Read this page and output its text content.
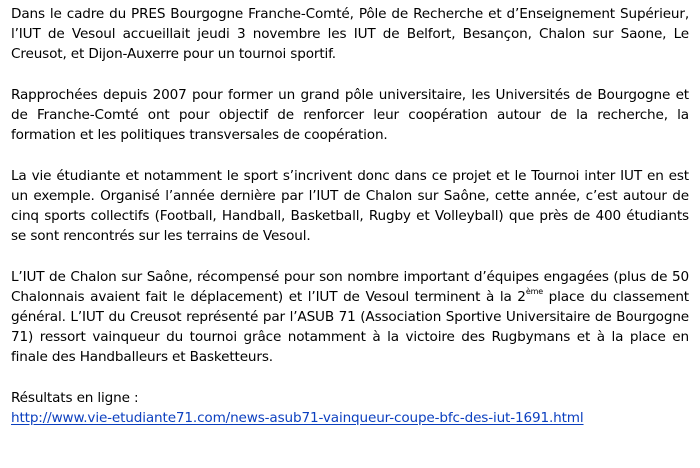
Dans le cadre du PRES Bourgogne Franche-Comté, Pôle de Recherche et d’Enseignement Supérieur, l’IUT de Vesoul accueillait jeudi 3 novembre les IUT de Belfort, Besançon, Chalon sur Saone, Le Creusot, et Dijon-Auxerre pour un tournoi sportif.

Rapprochées depuis 2007 pour former un grand pôle universitaire, les Universités de Bourgogne et de Franche-Comté ont pour objectif de renforcer leur coopération autour de la recherche, la formation et les politiques transversales de coopération.

La vie étudiante et notamment le sport s’incrivent donc dans ce projet et le Tournoi inter IUT en est un exemple. Organisé l’année dernière par l’IUT de Chalon sur Saône, cette année, c’est autour de cinq sports collectifs (Football, Handball, Basketball, Rugby et Volleyball) que près de 400 étudiants se sont rencontrés sur les terrains de Vesoul.

L’IUT de Chalon sur Saône, récompensé pour son nombre important d’équipes engagées (plus de 50 Chalonnais avaient fait le déplacement) et l’IUT de Vesoul terminent à la 2ème place du classement général. L’IUT du Creusot représenté par l’ASUB 71 (Association Sportive Universitaire de Bourgogne 71) ressort vainqueur du tournoi grâce notamment à la victoire des Rugbymans et à la place en finale des Handballeurs et Basketteurs.

Résultats en ligne :

http://www.vie-etudiante71.com/news-asub71-vainqueur-coupe-bfc-des-iut-1691.html
